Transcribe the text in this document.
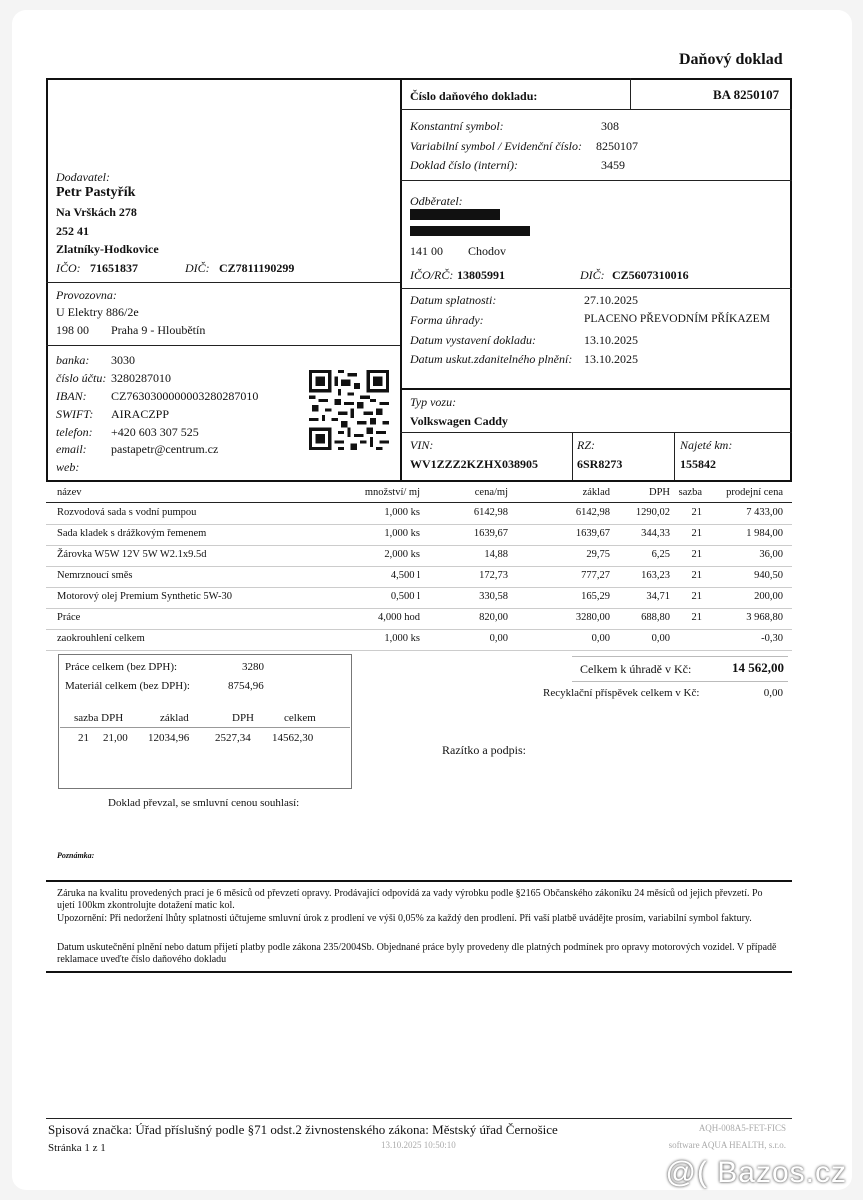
Daňový doklad
Číslo daňového dokladu:	BA 8250107
Konstantní symbol:	308
Variabilní symbol / Evidenční číslo: 8250107
Doklad číslo (interní):	3459
Dodavatel:
Petr Pastyřík
Na Vrškách 278
252 41
Zlatníky-Hodkovice
IČO: 71651837	DIČ: CZ7811190299
Provozovna:
U Elektry 886/2e
198 00 Praha 9 - Hloubětín
banka: 3030
číslo účtu: 3280287010
IBAN: CZ7630300000003280287010
SWIFT: AIRACZPP
telefon: +420 603 307 525
email: pastapetr@centrum.cz
web:
Odběratel:
141 00 Chodov
IČO/RČ: 13805991	DIČ: CZ5607310016
Datum splatnosti:	27.10.2025
Forma úhrady:	PLACENO PŘEVODNÍM PŘÍKAZEM
Datum vystavení dokladu:	13.10.2025
Datum uskut.zdanitelného plnění: 13.10.2025
Typ vozu:
Volkswagen Caddy
VIN:
WV1ZZZ2KZHX038905
RZ:
6SR8273
Najeté km:
155842
název	množství/ mj	cena/mj	základ	DPH sazba prodejní cena
Rozvodová sada s vodní pumpou	1,000 ks	6142,98	6142,98 1290,02 21	7 433,00
Sada kladek s drážkovým řemenem	1,000 ks	1639,67	1639,67	344,33 21	1 984,00
Žárovka W5W 12V 5W W2.1x9.5d	2,000 ks	14,88	29,75	6,25 21	36,00
Nemrznoucí směs	4,500 l	172,73	777,27	163,23 21	940,50
Motorový olej Premium Synthetic 5W-30	0,500 l	330,58	165,29	34,71 21	200,00
Práce	4,000 hod	820,00	3280,00	688,80 21	3 968,80
zaokrouhlení celkem	1,000 ks	0,00	0,00	0,00	-0,30
Práce celkem (bez DPH):	3280
Materiál celkem (bez DPH):	8754,96
sazba DPH	základ	DPH	celkem
21 21,00 12034,96 2527,34 14562,30
Celkem k úhradě v Kč:	14 562,00
Recyklační příspěvek celkem v Kč:	0,00
Razítko a podpis:
Doklad převzal, se smluvní cenou souhlasí:
Poznámka:
Záruka na kvalitu provedených prací je 6 měsíců od převzetí opravy. Prodávající odpovídá za vady výrobku podle §2165 Občanského zákoníku 24 měsíců od jejich převzetí. Po ujetí 100km zkontrolujte dotažení matic kol.
Upozornění: Při nedoržení lhůty splatnosti účtujeme smluvní úrok z prodlení ve výši 0,05% za každý den prodlení. Při vaší platbě uvádějte prosím, variabilní symbol faktury.
Datum uskutečnění plnění nebo datum přijetí platby podle zákona 235/2004Sb. Objednané práce byly provedeny dle platných podmínek pro opravy motorových vozidel. V případě reklamace uveďte číslo daňového dokladu
Spisová značka: Úřad příslušný podle §71 odst.2 živnostenského zákona: Městský úřad Černošice
Stránka 1 z 1	13.10.2025 10:50:10
AQH-008A5-FET-FICS
software AQUA HEALTH, s.r.o.
@( Bazos.cz
